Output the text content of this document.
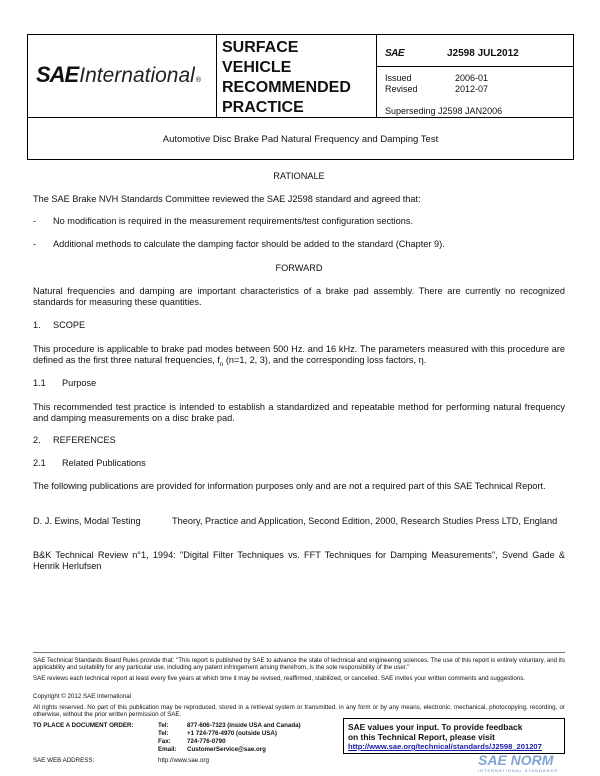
SAE International ®
SURFACE
VEHICLE
RECOMMENDED
PRACTICE
SAE	J2598 JUL2012
Issued	2006-01
Revised	2012-07
Superseding J2598 JAN2006
Automotive Disc Brake Pad Natural Frequency and Damping Test
RATIONALE
The SAE Brake NVH Standards Committee reviewed the SAE J2598 standard and agreed that:
- No modification is required in the measurement requirements/test configuration sections.
- Additional methods to calculate the damping factor should be added to the standard (Chapter 9).
FORWARD
Natural frequencies and damping are important characteristics of a brake pad assembly. There are currently no recognized standards for measuring these quantities.
1. SCOPE
This procedure is applicable to brake pad modes between 500 Hz. and 16 kHz. The parameters measured with this procedure are defined as the first three natural frequencies, $f_n$ (n=1, 2, 3), and the corresponding loss factors, η.
1.1 Purpose
This recommended test practice is intended to establish a standardized and repeatable method for performing natural frequency and damping measurements on a disc brake pad.
2. REFERENCES
2.1 Related Publications
The following publications are provided for information purposes only and are not a required part of this SAE Technical Report.
D. J. Ewins, Modal Testing	Theory, Practice and Application, Second Edition, 2000, Research Studies Press LTD, England
B&K Technical Review n°1, 1994: "Digital Filter Techniques vs. FFT Techniques for Damping Measurements", Svend Gade & Henrik Herlufsen
SAE Technical Standards Board Rules provide that: "This report is published by SAE to advance the state of technical and engineering sciences. The use of this report is entirely voluntary, and its applicability and suitability for any particular use, including any patent infringement arising therefrom, is the sole responsibility of the user."
SAE reviews each technical report at least every five years at which time it may be revised, reaffirmed, stabilized, or cancelled. SAE invites your written comments and suggestions.
Copyright © 2012 SAE International
All rights reserved. No part of this publication may be reproduced, stored in a retrieval system or transmitted, in any form or by any means, electronic, mechanical, photocopying, recording, or otherwise, without the prior written permission of SAE.
TO PLACE A DOCUMENT ORDER:	Tel:	877-606-7323 (inside USA and Canada)
Tel:	+1 724-776-4970 (outside USA)
Fax:	724-776-0790
Email: CustomerService@sae.org
SAE WEB ADDRESS:	http://www.sae.org
SAE values your input. To provide feedback
on this Technical Report, please visit
http://www.sae.org/technical/standards/J2598_201207
SAE NORM
INTERNATIONAL STANDARDS
